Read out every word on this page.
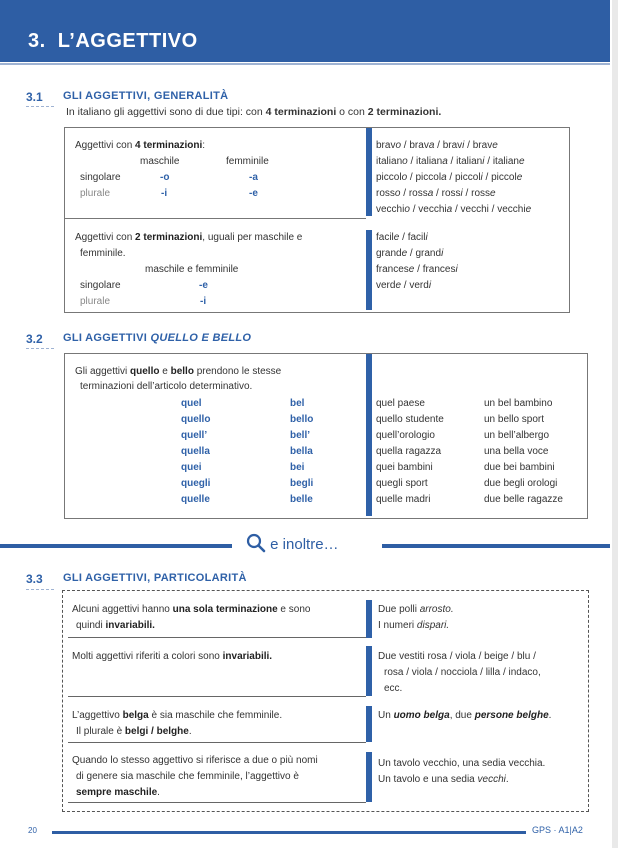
3. L’AGGETTIVO
3.1 GLI AGGETTIVI, GENERALITÀ
In italiano gli aggettivi sono di due tipi: con 4 terminazioni o con 2 terminazioni.
Aggettivi con 4 terminazioni:
maschile	femminile
singolare	-o	-a
plurale	-i	-e
bravo / brava / bravi / brave
italiano / italiana / italiani / italiane
piccolo / piccola / piccoli / piccole
rosso / rossa / rossi / rosse
vecchio / vecchia / vecchi / vecchie
Aggettivi con 2 terminazioni, uguali per maschile e
femminile.
maschile e femminile
singolare	-e
plurale	-i
facile / facili
grande / grandi
francese / francesi
verde / verdi
3.2 GLI AGGETTIVI QUELLO E BELLO
Gli aggettivi quello e bello prendono le stesse
terminazioni dell’articolo determinativo.
quel	bel	quel paese	un bel bambino
quello	bello	quello studente	un bello sport
quell’	bell’	quell’orologio	un bell’albergo
quella	bella	quella ragazza	una bella voce
quei	bei	quei bambini	due bei bambini
quegli	begli	quegli sport	due begli orologi
quelle	belle	quelle madri	due belle ragazze
e inoltre…
3.3 GLI AGGETTIVI, PARTICOLARITÀ
Alcuni aggettivi hanno una sola terminazione e sono
quindi invariabili.
Due polli arrosto.
I numeri dispari.
Molti aggettivi riferiti a colori sono invariabili.	Due vestiti rosa / viola / beige / blu /
rosa / viola / nocciola / lilla / indaco,
ecc.
L’aggettivo belga è sia maschile che femminile.
Il plurale è belgi / belghe.
Un uomo belga, due persone belghe.
Quando lo stesso aggettivo si riferisce a due o più nomi
di genere sia maschile che femminile, l’aggettivo è
sempre maschile.
Un tavolo vecchio, una sedia vecchia.
Un tavolo e una sedia vecchi.
20	GPS · A1|A2
